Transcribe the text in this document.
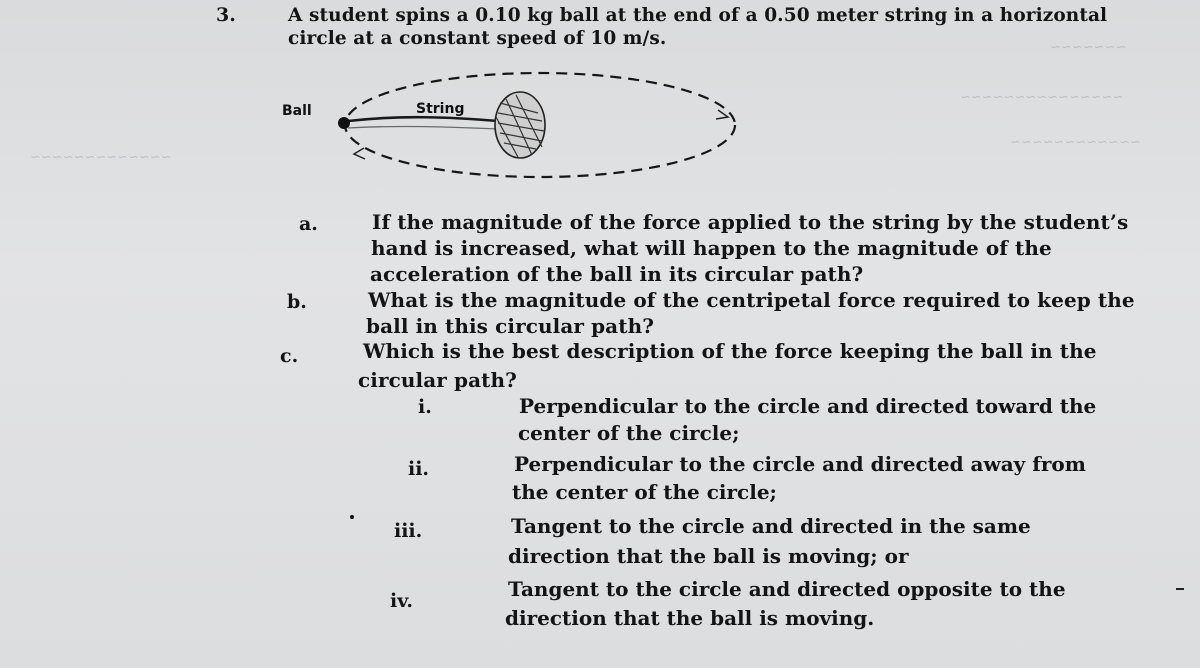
~~~~~~~
~~~~~~~~~~~~~~~
~~~~~~~~~~~~
~~~~~~~~~~~~~
3.	A student spins a 0.10 kg ball at the end of a 0.50 meter string in a horizontal
circle at a constant speed of 10 m/s.
Ball	String
a.	If the magnitude of the force applied to the string by the student’s
hand is increased, what will happen to the magnitude of the
acceleration of the ball in its circular path?
b.	What is the magnitude of the centripetal force required to keep the
ball in this circular path?
c.	Which is the best description of the force keeping the ball in the
circular path?
i.	Perpendicular to the circle and directed toward the
center of the circle;
ii.	Perpendicular to the circle and directed away from
the center of the circle;
iii.	Tangent to the circle and directed in the same
direction that the ball is moving; or
iv.	Tangent to the circle and directed opposite to the
direction that the ball is moving.
